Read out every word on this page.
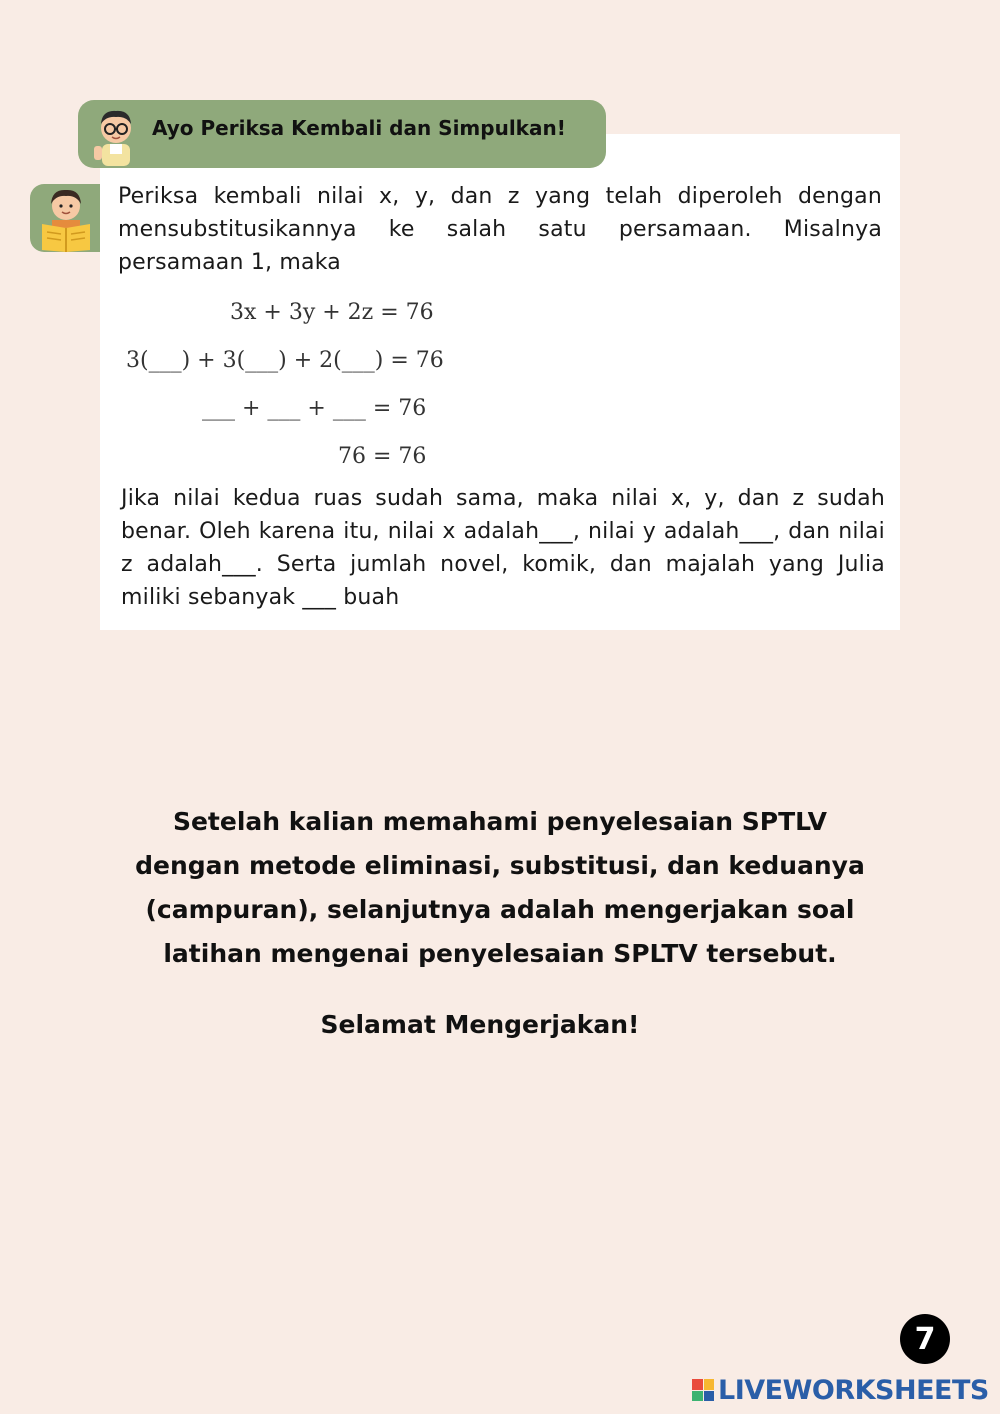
Ayo Periksa Kembali dan Simpulkan!
Periksa kembali nilai x, y, dan z yang telah diperoleh dengan mensubstitusikannya ke salah satu persamaan. Misalnya persamaan 1, maka
3x + 3y + 2z = 76
3(___) + 3(___) + 2(___) = 76
___ + ___ + ___ = 76
76 = 76
Jika nilai kedua ruas sudah sama, maka nilai x, y, dan z sudah benar. Oleh karena itu, nilai x adalah___, nilai y adalah___, dan nilai z adalah___. Serta jumlah novel, komik, dan majalah yang Julia miliki sebanyak ___ buah
Setelah kalian memahami penyelesaian SPTLV
dengan metode eliminasi, substitusi, dan keduanya
(campuran), selanjutnya adalah mengerjakan soal
latihan mengenai penyelesaian SPLTV tersebut.
Selamat Mengerjakan!
7
LIVEWORKSHEETS
